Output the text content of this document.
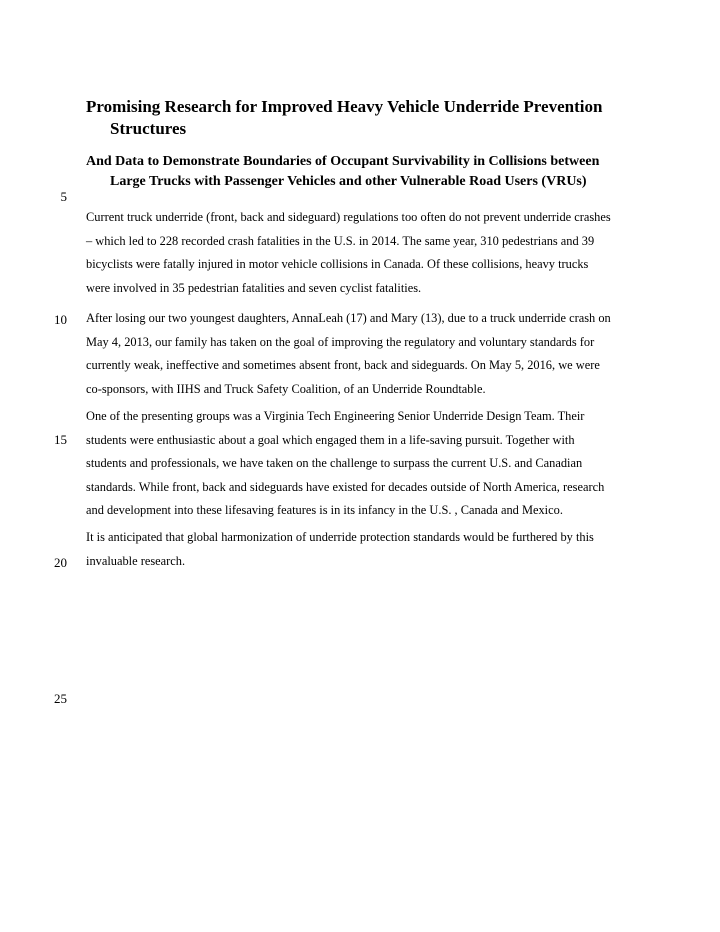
Promising Research for Improved Heavy Vehicle Underride Prevention
Structures
And Data to Demonstrate Boundaries of Occupant Survivability in Collisions between
Large Trucks with Passenger Vehicles and other Vulnerable Road Users (VRUs)
5
10
15
20
25

Current truck underride (front, back and sideguard) regulations too often do not prevent underride crashes
– which led to 228 recorded crash fatalities in the U.S. in 2014. The same year, 310 pedestrians and 39
bicyclists were fatally injured in motor vehicle collisions in Canada. Of these collisions, heavy trucks
were involved in 35 pedestrian fatalities and seven cyclist fatalities.

After losing our two youngest daughters, AnnaLeah (17) and Mary (13), due to a truck underride crash on
May 4, 2013, our family has taken on the goal of improving the regulatory and voluntary standards for
currently weak, ineffective and sometimes absent front, back and sideguards. On May 5, 2016, we were
co-sponsors, with IIHS and Truck Safety Coalition, of an Underride Roundtable.

One of the presenting groups was a Virginia Tech Engineering Senior Underride Design Team. Their
students were enthusiastic about a goal which engaged them in a life-saving pursuit. Together with
students and professionals, we have taken on the challenge to surpass the current U.S. and Canadian
standards. While front, back and sideguards have existed for decades outside of North America, research
and development into these lifesaving features is in its infancy in the U.S. , Canada and Mexico.

It is anticipated that global harmonization of underride protection standards would be furthered by this
invaluable research.
